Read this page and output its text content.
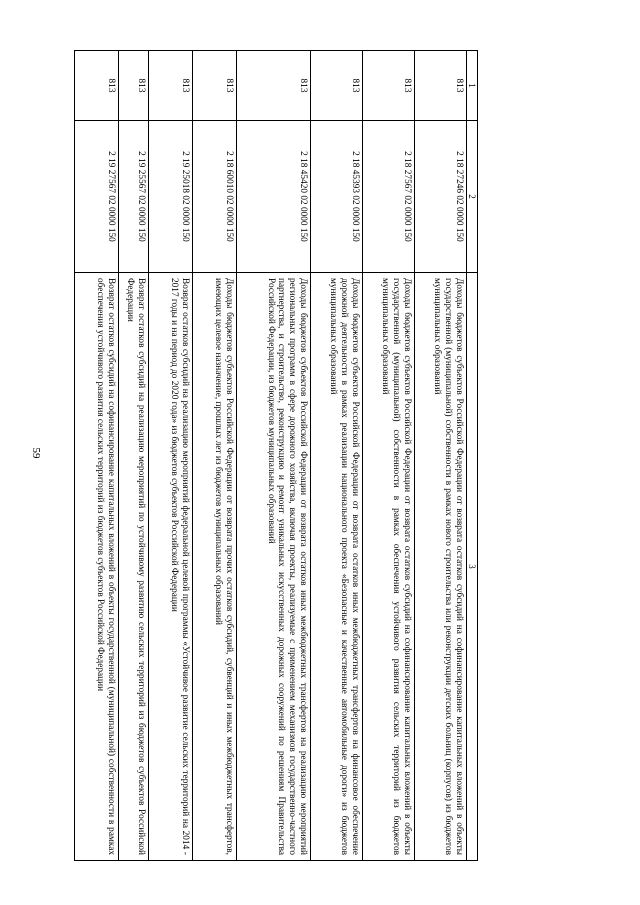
59
1	2	3
813	2 18 27246 02 0000 150	Доходы бюджетов субъектов Российской Федерации от возврата остатков субсидий на софинансирование капитальных вложений в объекты государственной (муниципальной) собственности в рамках нового строительства или реконструкции детских больниц (корпусов) из бюджетов муниципальных образований
813	2 18 27567 02 0000 150	Доходы бюджетов субъектов Российской Федерации от возврата остатков субсидий на софинансирование капитальных вложений в объекты государственной (муниципальной) собственности в рамках обеспечения устойчивого развития сельских территорий из бюджетов муниципальных образований
813	2 18 45393 02 0000 150	Доходы бюджетов субъектов Российской Федерации от возврата остатков иных межбюджетных трансфертов на финансовое обеспечение дорожной деятельности в рамках реализации национального проекта «Безопасные и качественные автомобильные дороги» из бюджетов муниципальных образований
813	2 18 45420 02 0000 150	Доходы бюджетов субъектов Российской Федерации от возврата остатков иных межбюджетных трансфертов на реализацию мероприятий региональных программ в сфере дорожного хозяйства, включая проекты, реализуемые с применением механизмов государственно-частного партнерства, и строительство, реконструкцию и ремонт уникальных искусственных дорожных сооружений по решениям Правительства Российской Федерации, из бюджетов муниципальных образований
813	2 18 60010 02 0000 150	Доходы бюджетов субъектов Российской Федерации от возврата прочих остатков субсидий, субвенций и иных межбюджетных трансфертов, имеющих целевое назначение, прошлых лет из бюджетов муниципальных образований
813	2 19 25018 02 0000 150	Возврат остатков субсидий на реализацию мероприятий федеральной целевой программы «Устойчивое развитие сельских территорий на 2014 - 2017 годы и на период до 2020 года» из бюджетов субъектов Российской Федерации
813	2 19 25567 02 0000 150	Возврат остатков субсидий на реализацию мероприятий по устойчивому развитию сельских территорий из бюджетов субъектов Российской Федерации
813	2 19 27567 02 0000 150	Возврат остатков субсидий на софинансирование капитальных вложений в объекты государственной (муниципальной) собственности в рамках обеспечения устойчивого развития сельских территорий из бюджетов субъектов Российской Федерации
